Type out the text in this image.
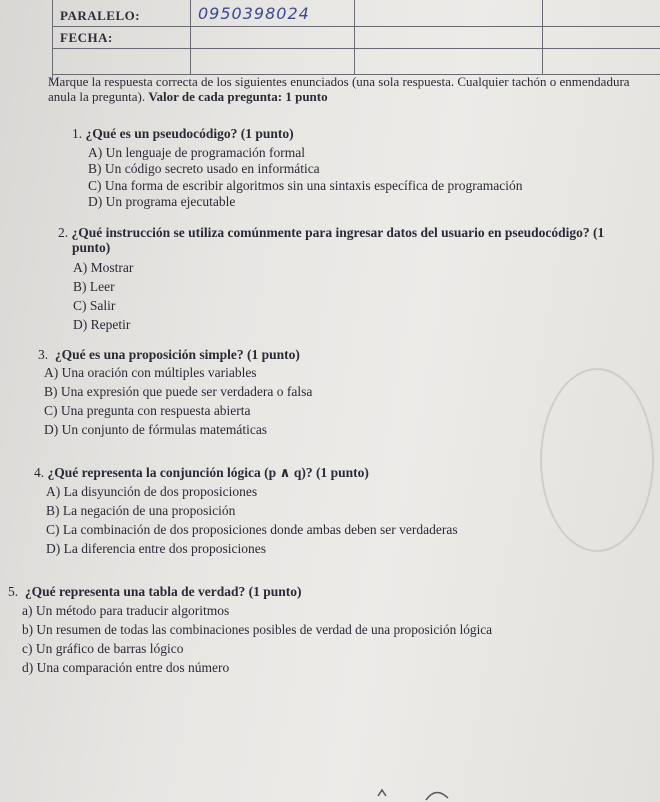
PARALELO:	0950398024
FECHA:
Marque la respuesta correcta de los siguientes enunciados (una sola respuesta. Cualquier tachón o enmendadura anula la pregunta). Valor de cada pregunta: 1 punto
1. ¿Qué es un pseudocódigo? (1 punto)
A) Un lenguaje de programación formal
B) Un código secreto usado en informática
C) Una forma de escribir algoritmos sin una sintaxis específica de programación
D) Un programa ejecutable
2. ¿Qué instrucción se utiliza comúnmente para ingresar datos del usuario en pseudocódigo? (1 punto)
A) Mostrar
B) Leer
C) Salir
D) Repetir
3. ¿Qué es una proposición simple? (1 punto)
A) Una oración con múltiples variables
B) Una expresión que puede ser verdadera o falsa
C) Una pregunta con respuesta abierta
D) Un conjunto de fórmulas matemáticas
4. ¿Qué representa la conjunción lógica (p ∧ q)? (1 punto)
A) La disyunción de dos proposiciones
B) La negación de una proposición
C) La combinación de dos proposiciones donde ambas deben ser verdaderas
D) La diferencia entre dos proposiciones
5. ¿Qué representa una tabla de verdad? (1 punto)
a) Un método para traducir algoritmos
b) Un resumen de todas las combinaciones posibles de verdad de una proposición lógica
c) Un gráfico de barras lógico
d) Una comparación entre dos número
